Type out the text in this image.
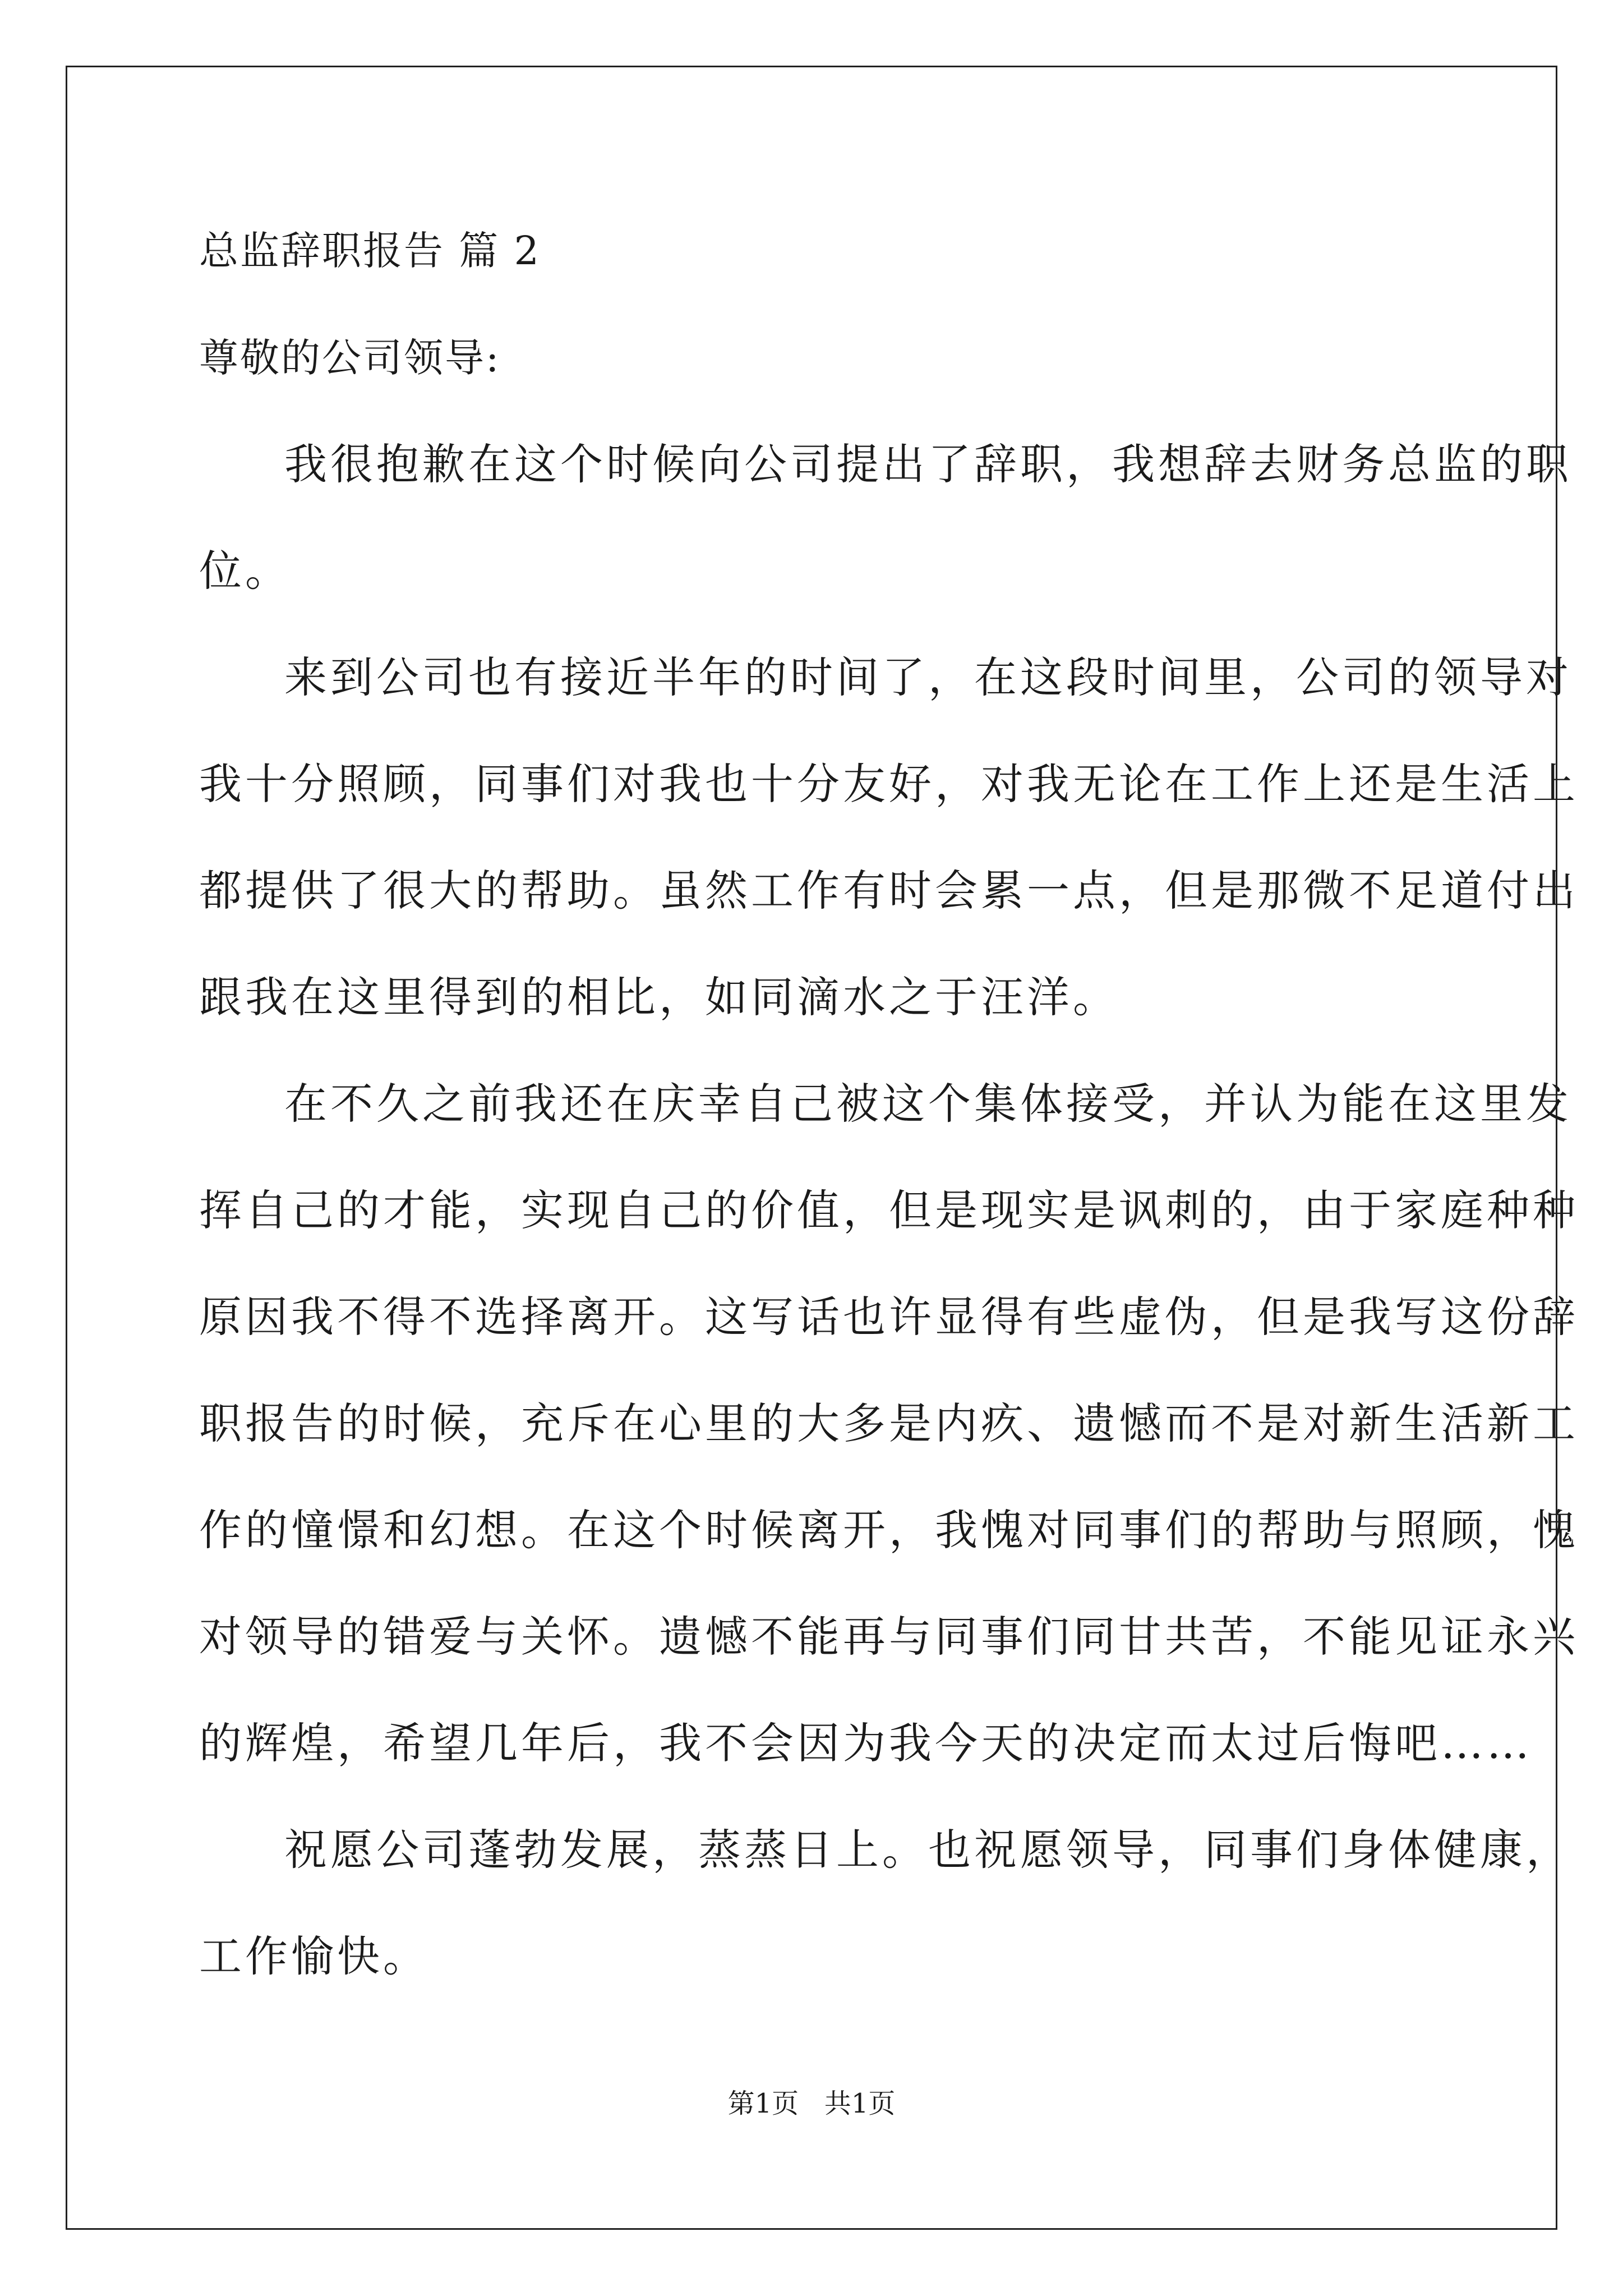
总监辞职报告 篇 2
尊敬的公司领导:
我很抱歉在这个时候向公司提出了辞职，我想辞去财务总监的职
位。
来到公司也有接近半年的时间了，在这段时间里，公司的领导对
我十分照顾，同事们对我也十分友好，对我无论在工作上还是生活上
都提供了很大的帮助。虽然工作有时会累一点，但是那微不足道付出
跟我在这里得到的相比，如同滴水之于汪洋。
在不久之前我还在庆幸自己被这个集体接受，并认为能在这里发
挥自己的才能，实现自己的价值，但是现实是讽刺的，由于家庭种种
原因我不得不选择离开。这写话也许显得有些虚伪，但是我写这份辞
职报告的时候，充斥在心里的大多是内疚、遗憾而不是对新生活新工
作的憧憬和幻想。在这个时候离开，我愧对同事们的帮助与照顾，愧
对领导的错爱与关怀。遗憾不能再与同事们同甘共苦，不能见证永兴
的辉煌，希望几年后，我不会因为我今天的决定而太过后悔吧……
祝愿公司蓬勃发展，蒸蒸日上。也祝愿领导，同事们身体健康，
工作愉快。
第1页   共1页
